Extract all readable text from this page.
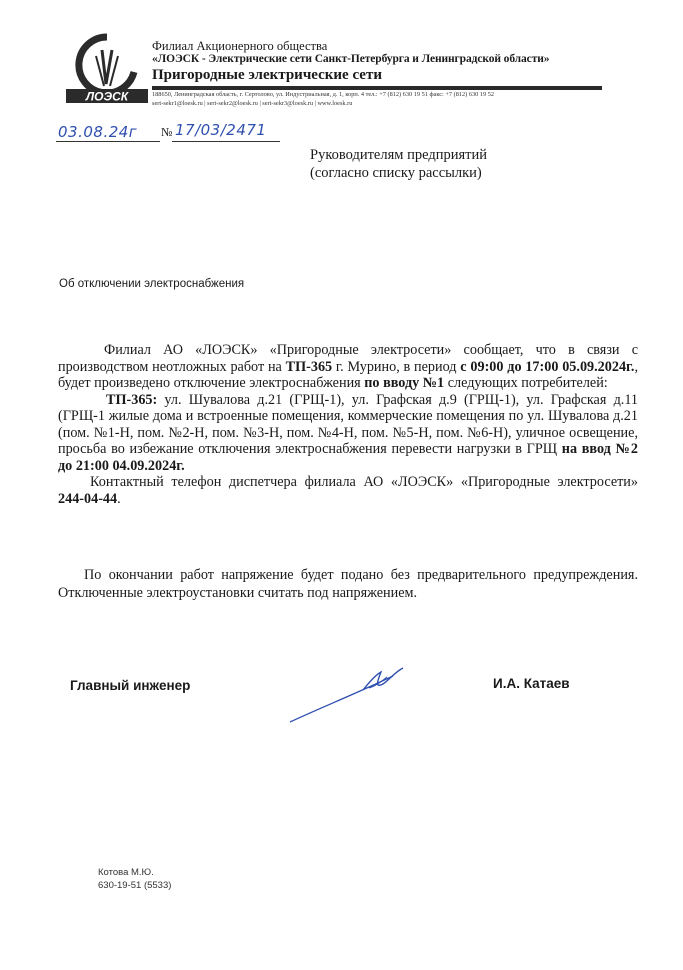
ЛОЭСК
Филиал Акционерного общества
«ЛОЭСК - Электрические сети Санкт-Петербурга и Ленинградской области»
Пригородные электрические сети
188650, Ленинградская область, г. Сертолово, ул. Индустриальная, д. 1, корп. 4 тел.: +7 (812) 630 19 51 факс: +7 (812) 630 19 52
sert-sekr1@loesk.ru | sert-sekr2@loesk.ru | sert-sekr3@loesk.ru | www.loesk.ru
03.08.24г № 17/03/2471
Руководителям предприятий
(согласно списку рассылки)
Об отключении электроснабжения

Филиал АО «ЛОЭСК» «Пригородные электросети» сообщает, что в связи с производством неотложных работ на ТП-365 г. Мурино, в период с 09:00 до 17:00 05.09.2024г., будет произведено отключение электроснабжения по вводу №1 следующих потребителей:

ТП-365: ул. Шувалова д.21 (ГРЩ-1), ул. Графская д.9 (ГРЩ-1), ул. Графская д.11 (ГРЩ-1 жилые дома и встроенные помещения, коммерческие помещения по ул. Шувалова д.21 (пом. №1-Н, пом. №2-Н, пом. №3-Н, пом. №4-Н, пом. №5-Н, пом. №6-Н), уличное освещение, просьба во избежание отключения электроснабжения перевести нагрузки в ГРЩ на ввод №2 до 21:00 04.09.2024г.

Контактный телефон диспетчера филиала АО «ЛОЭСК» «Пригородные электросети» 244-04-44.

По окончании работ напряжение будет подано без предварительного предупреждения. Отключенные электроустановки считать под напряжением.
Главный инженер	И.А. Катаев
Котова М.Ю.
630-19-51 (5533)
